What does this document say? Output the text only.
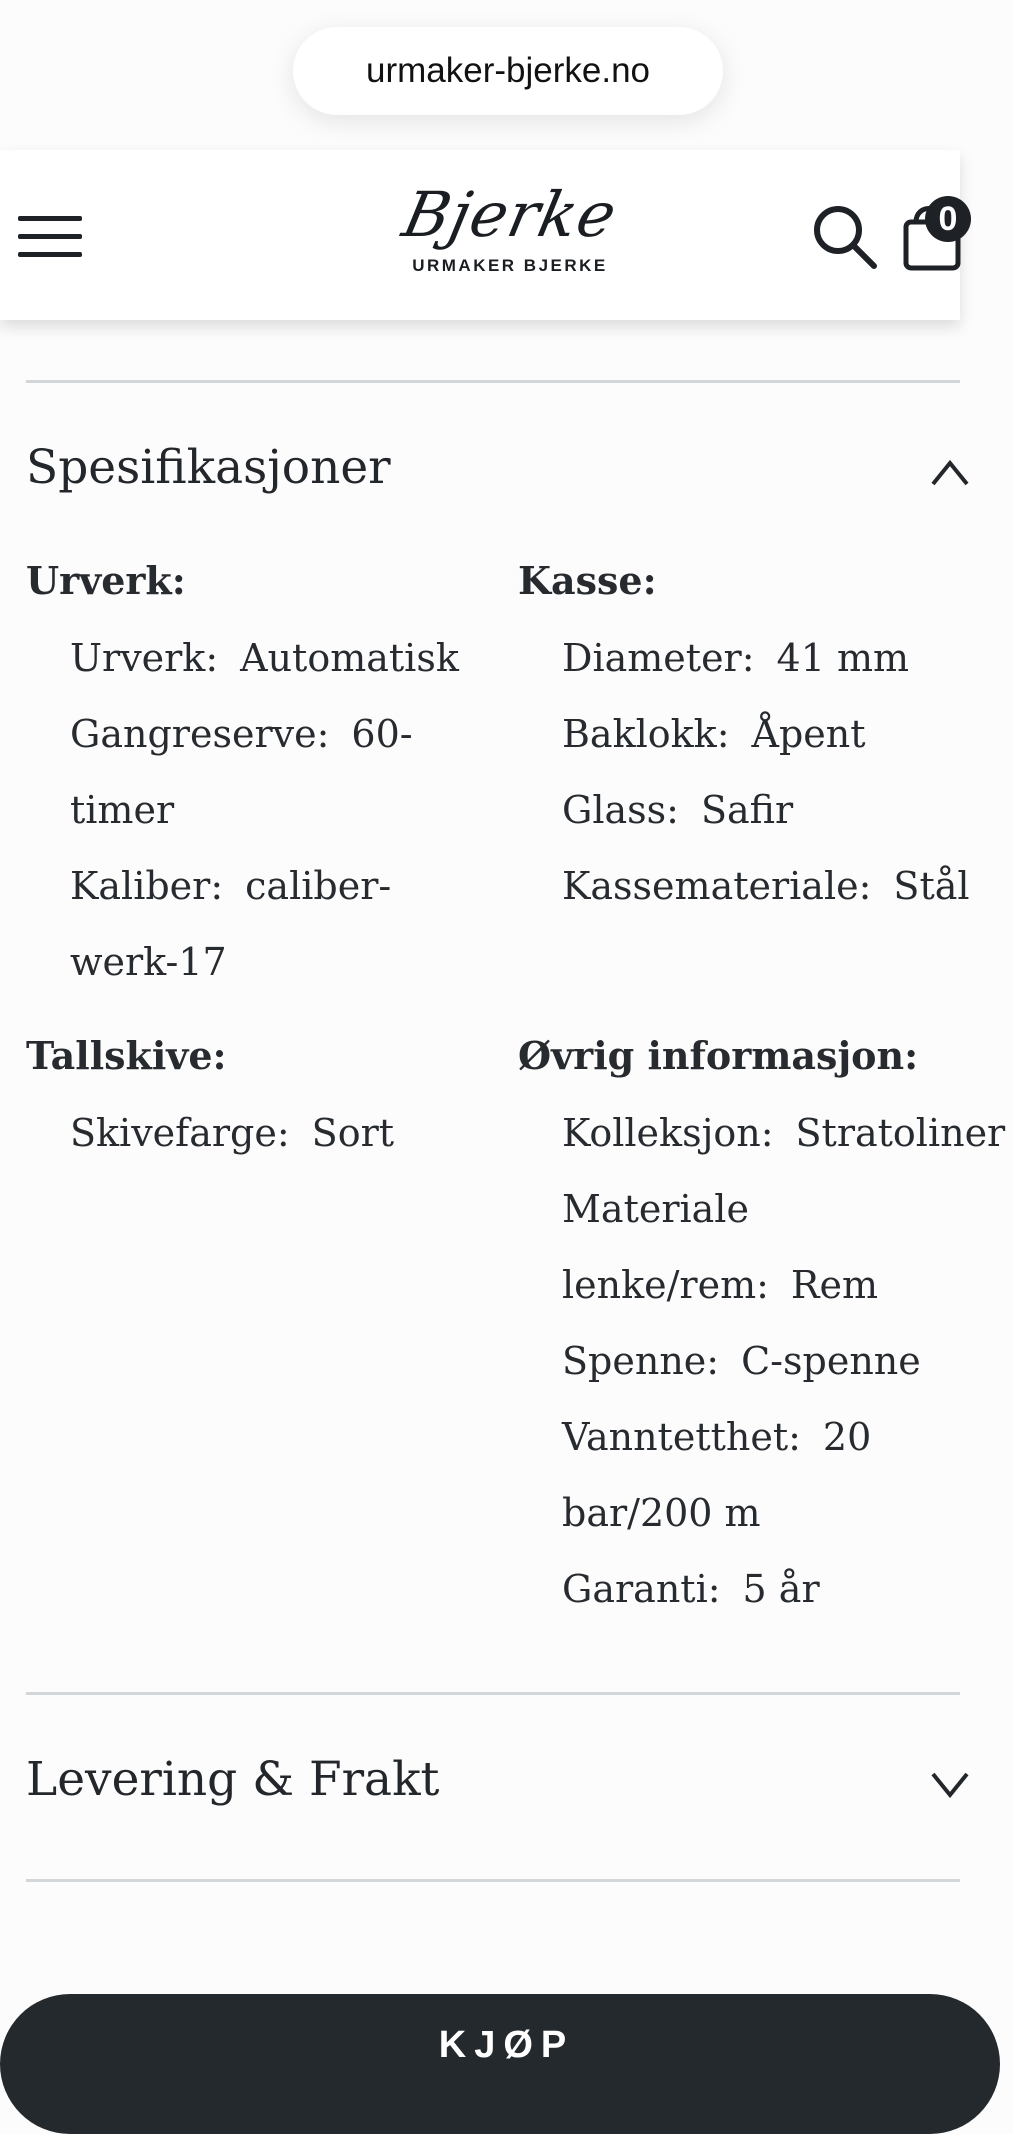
urmaker-bjerke.no
Bjerke
URMAKER BJERKE
0
Spesifikasjoner
Urverk:
Urverk: Automatisk
Gangreserve: 60-timer
Kaliber: caliber-werk-17
Kasse:
Diameter: 41 mm
Baklokk: Åpent
Glass: Safir
Kassemateriale: Stål
Tallskive:
Skivefarge: Sort
Øvrig informasjon:
Kolleksjon: Stratoliner
Materiale lenke/rem: Rem
Spenne: C-spenne
Vanntetthet: 20 bar/200 m
Garanti: 5 år
Levering & Frakt
KJØP
